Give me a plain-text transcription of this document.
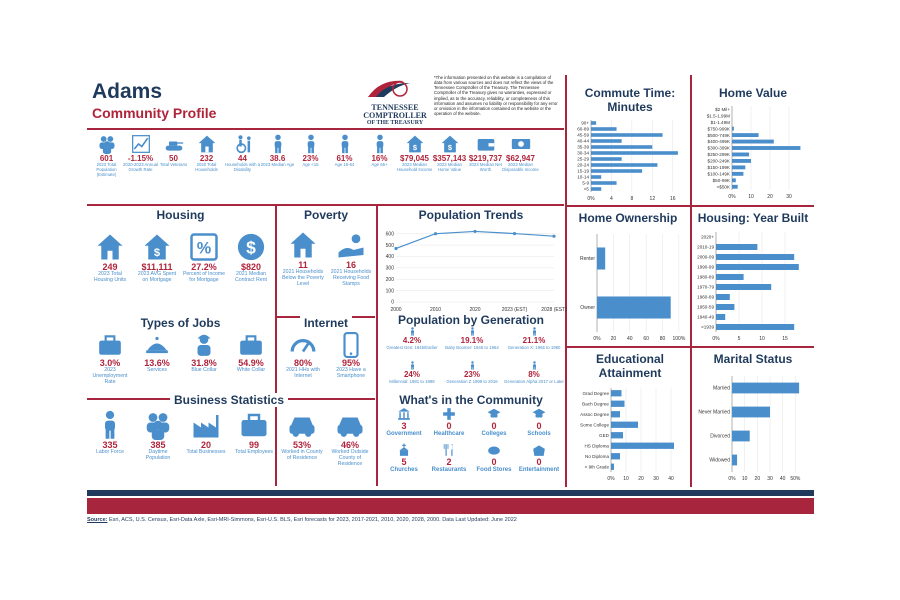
Adams
Community Profile	TENNESSEE
COMPTROLLER
OF THE TREASURY
*The information presented on this website is a compilation of data from various sources and does not reflect the views of the Tennessee Comptroller of the Treasury. The Tennessee Comptroller of the Treasury gives no warranties, expressed or implied, as to the accuracy, reliability, or completeness of this information and assumes no liability or responsibility for any error or omission in the information contained on the website or the operation of the website.
601
2023 Total Population (Estimate)
-1.15%
2020-2023 Annual Growth Rate
50
Total Veterans
232
2020 Total Households
44
Households with a Disability
38.6
2023 Median Age
23%
Age <15
61%
Age 15-64
16%
Age 65+
$
$79,045
2023 Median Household Income
$
$357,143
2023 Median Home Value
$219,737
2023 Median Net Worth
$62,947
2023 Median Disposable Income
Housing
249
2023 Total Housing Units
$
$11,111
2023 AVG Spent on Mortgage
%
27.2%
Percent of Income for Mortgage
$
$820
2021 Median Contract Rent
Poverty
11
2021 Households Below the Poverty Level
16
2021 Households Receiving Food Stamps
Types of Jobs
3.0%
2023 Unemployment Rate
13.6%
Services
31.8%
Blue Collar
54.9%
White Collar
Internet
80%
2021 HHs with Internet
95%
2023 Have a Smartphone
Business Statistics
335
Labor Force
385
Daytime Population
20
Total Businesses
99
Total Employees
53%
Worked in County of Residence
46%
Worked Outside County of Residence
Population Trends
0
100
200
300
400
500
600
2000	2010	2020	2023 (EST)	2028 (EST)
Population by Generation
4.2%
Greatest Gen: 1945/Earlier
19.1%
Baby Boomer: 1946 to 1964
21.1%
Generation X: 1965 to 1980
24%
Millennial: 1981 to 1998
23%
Generation Z 1999 to 2016
8%
Generation Alpha 2017 or Later
What's in the Community
3
Government
0
Healthcare
0
Colleges
0
Schools
5
Churches
2
Restaurants
0
Food Stores
0
Entertainment
Commute Time: Minutes
0%	4	8	12	16
90+
60-89
45-59
40-44
35-39
30-34
25-29
20-24
15-19
10-14
5-9
<5
Home Value
0%	10	20	30
$2 Mil+
$1.5-1.99M
$1-1.49M
$750-999K
$500-749K
$400-499K
$300-399K
$250-299K
$200-249K
$150-199K
$100-149K
$50-99K
<$50K
Home Ownership
0% 20 40 60 80 100%
Renter
Owner
Housing: Year Built
0%	5	10	15
2020+
2010-19
2000-09
1990-99
1980-89
1970-79
1960-69
1950-59
1940-49
<1939
Educational Attainment
0% 10 20 30 40
Grad Degree
Bach Degree
Assoc Degree
Some College
GED
HS Diploma
No Diploma
< 9th Grade
Marital Status
0% 10 20 30 40 50%
Married
Never Married
Divorced
Widowed
Source: Esri, ACS, U.S. Census, Esri-Data Axle, Esri-MRI-Simmons, Esri-U.S. BLS, Esri forecasts for 2023, 2017-2021, 2010, 2020, 2028, 2000. Data Last Updated: June 2022
